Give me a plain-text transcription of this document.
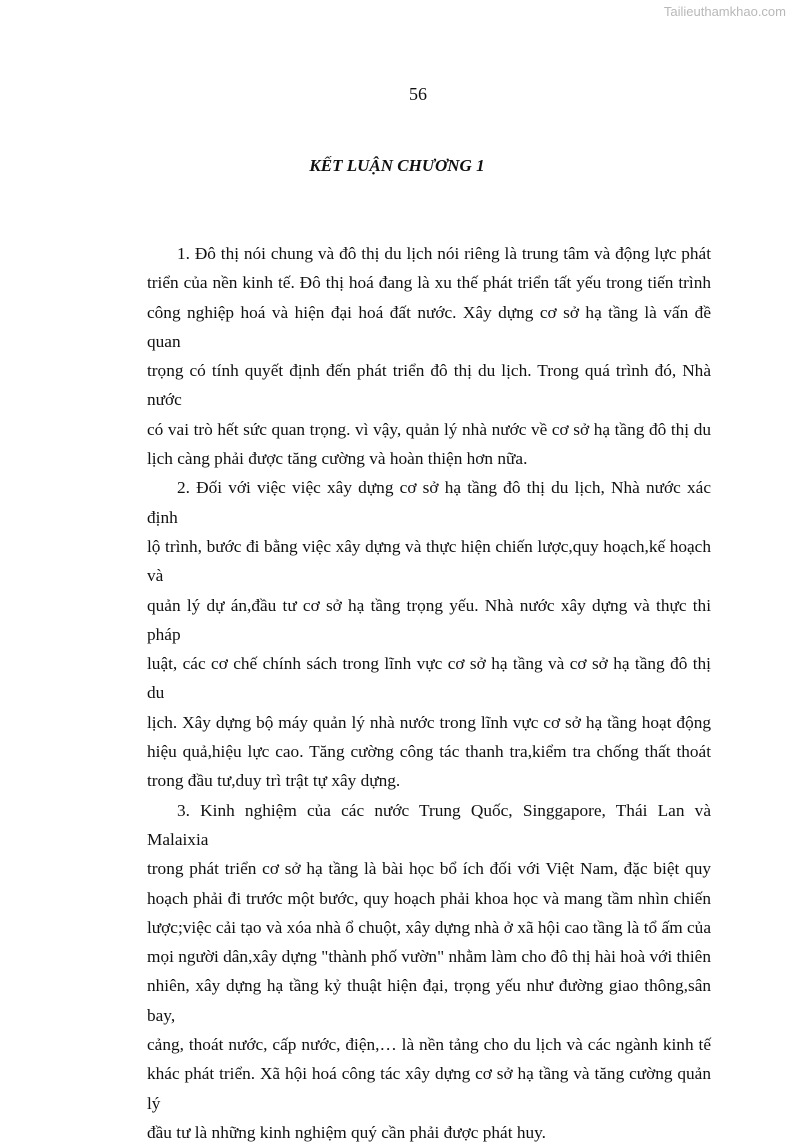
Tailieuthamkhao.com
56
KẾT LUẬN CHƯƠNG 1
1. Đô thị nói chung và đô thị du lịch nói riêng là trung tâm và động lực phát
triển của nền kinh tế. Đô thị hoá đang là xu thế phát triển tất yếu trong tiến trình
công nghiệp hoá và hiện đại hoá đất nước. Xây dựng cơ sở hạ tầng là vấn đề quan
trọng có tính quyết định đến phát triển đô thị du lịch. Trong quá trình đó, Nhà nước
có vai trò hết sức quan trọng. vì vậy, quản lý nhà nước về cơ sở hạ tầng đô thị du
lịch càng phải được tăng cường và hoàn thiện hơn nữa.
2. Đối với việc việc xây dựng cơ sở hạ tầng đô thị du lịch, Nhà nước xác định
lộ trình, bước đi bằng việc xây dựng và thực hiện chiến lược,quy hoạch,kế hoạch và
quản lý dự án,đầu tư cơ sở hạ tầng trọng yếu. Nhà nước xây dựng và thực thi pháp
luật, các cơ chế chính sách trong lĩnh vực cơ sở hạ tầng và cơ sở hạ tầng đô thị du
lịch. Xây dựng bộ máy quản lý nhà nước trong lĩnh vực cơ sở hạ tầng hoạt động
hiệu quả,hiệu lực cao. Tăng cường công tác thanh tra,kiểm tra chống thất thoát
trong đầu tư,duy trì trật tự xây dựng.
3. Kinh nghiệm của các nước Trung Quốc, Singgapore, Thái Lan và Malaixia
trong phát triển cơ sở hạ tầng là bài học bổ ích đối với Việt Nam, đặc biệt quy
hoạch phải đi trước một bước, quy hoạch phải khoa học và mang tầm nhìn chiến
lược;việc cải tạo và xóa nhà ổ chuột, xây dựng nhà ở xã hội cao tầng là tổ ấm của
mọi người dân,xây dựng "thành phố vườn" nhằm làm cho đô thị hài hoà với thiên
nhiên, xây dựng hạ tầng kỷ thuật hiện đại, trọng yếu như đường giao thông,sân bay,
cảng, thoát nước, cấp nước, điện,… là nền tảng cho du lịch và các ngành kinh tế
khác phát triển. Xã hội hoá công tác xây dựng cơ sở hạ tầng và tăng cường quản lý
đầu tư là những kinh nghiệm quý cần phải được phát huy.
